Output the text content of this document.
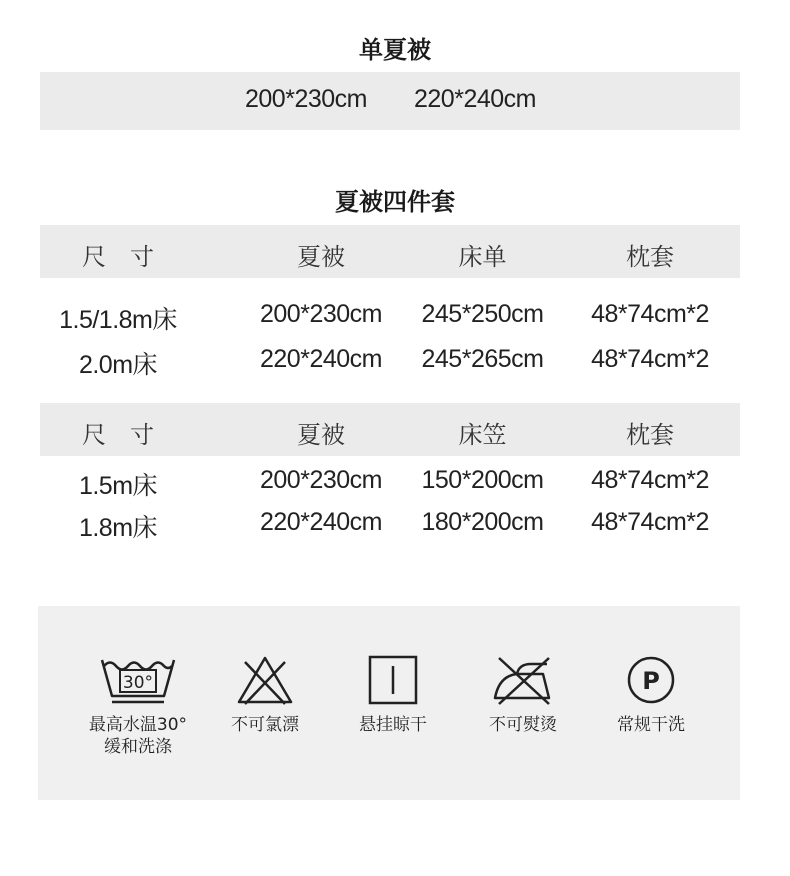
单夏被
200*230cm 220*240cm
夏被四件套
尺　寸	夏被	床单	枕套
1.5/1.8m床	200*230cm	245*250cm	48*74cm*2
2.0m床	220*240cm	245*265cm	48*74cm*2
尺　寸	夏被	床笠	枕套
1.5m床	200*230cm	150*200cm	48*74cm*2
1.8m床	220*240cm	180*200cm	48*74cm*2
30°
最高水温30°
缓和洗涤
不可氯漂	悬挂晾干	不可熨烫
P
常规干洗
